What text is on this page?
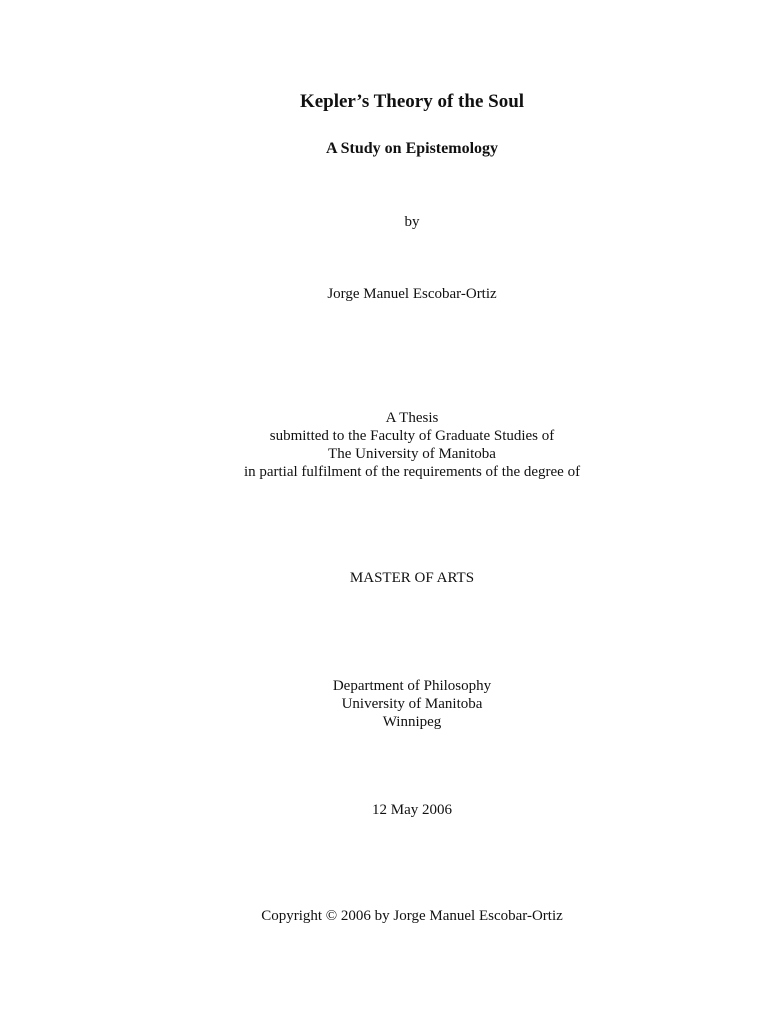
Kepler’s Theory of the Soul
A Study on Epistemology
by
Jorge Manuel Escobar-Ortiz
A Thesis
submitted to the Faculty of Graduate Studies of
The University of Manitoba
in partial fulfilment of the requirements of the degree of
MASTER OF ARTS
Department of Philosophy
University of Manitoba
Winnipeg
12 May 2006
Copyright © 2006 by Jorge Manuel Escobar-Ortiz
